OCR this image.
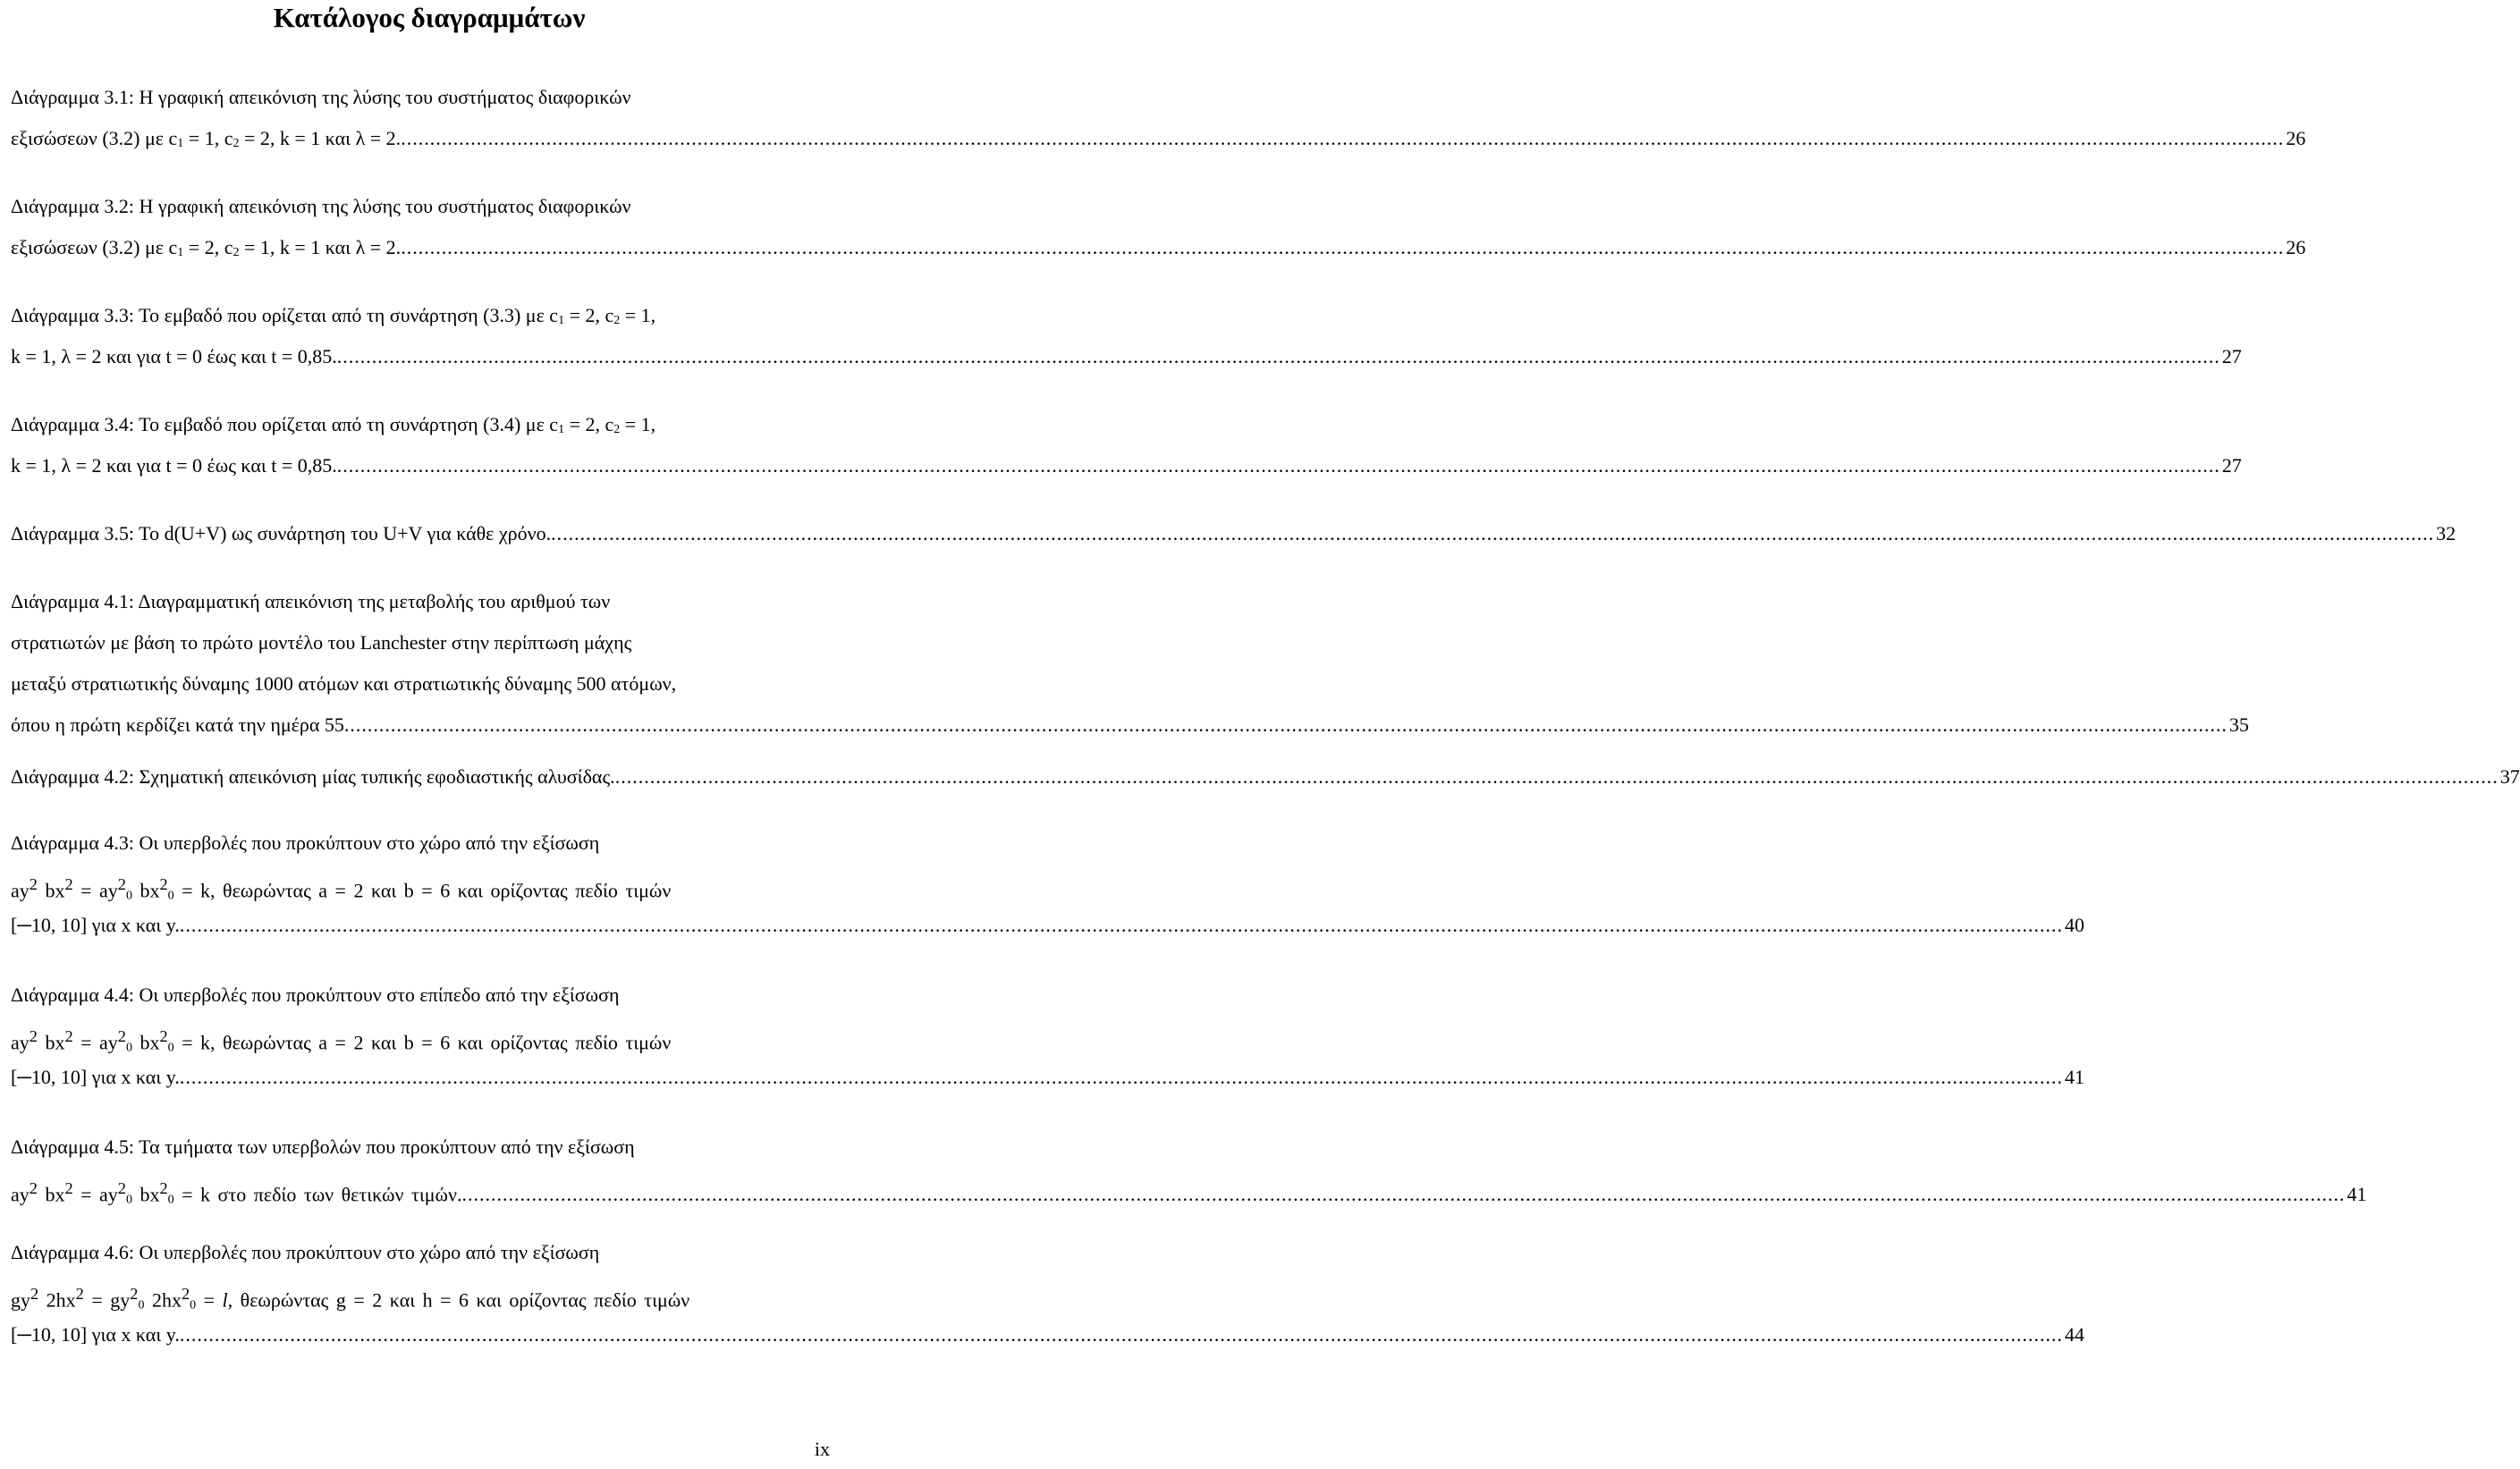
Κατάλογος διαγραμμάτων
Διάγραμμα 3.1: Η γραφική απεικόνιση της λύσης του συστήματος διαφορικών
εξισώσεων (3.2) με $c_1 = 1$, $c_2 = 2$, k = 1 και λ = 2. .....	26
Διάγραμμα 3.2: Η γραφική απεικόνιση της λύσης του συστήματος διαφορικών
εξισώσεων (3.2) με $c_1 = 2$, $c_2 = 1$, k = 1 και λ = 2. .....	26
Διάγραμμα 3.3: Το εμβαδό που ορίζεται από τη συνάρτηση (3.3) με $c_1 = 2$, $c_2 = 1$,
k = 1, λ = 2 και για t = 0 έως και t = 0,85. .....	27
Διάγραμμα 3.4: Το εμβαδό που ορίζεται από τη συνάρτηση (3.4) με $c_1 = 2$, $c_2 = 1$,
k = 1, λ = 2 και για t = 0 έως και t = 0,85. .....	27
Διάγραμμα 3.5: Το d(U+V) ως συνάρτηση του U+V για κάθε χρόνο. .....	32
Διάγραμμα 4.1: Διαγραμματική απεικόνιση της μεταβολής του αριθμού των
στρατιωτών με βάση το πρώτο μοντέλο του Lanchester στην περίπτωση μάχης
μεταξύ στρατιωτικής δύναμης 1000 ατόμων και στρατιωτικής δύναμης 500 ατόμων,
όπου η πρώτη κερδίζει κατά την ημέρα 55 .....	35
Διάγραμμα 4.2: Σχηματική απεικόνιση μίας τυπικής εφοδιαστικής αλυσίδας. .....	37
Διάγραμμα 4.3: Οι υπερβολές που προκύπτουν στο χώρο από την εξίσωση
$ay^2$ $bx^2 = ay^2_0$ $bx^2_0 = k$, θεωρώντας a = 2 και b = 6 και ορίζοντας πεδίο τιμών
[─10, 10] για x και y. .....	40
Διάγραμμα 4.4: Οι υπερβολές που προκύπτουν στο επίπεδο από την εξίσωση
$ay^2$ $bx^2 = ay^2_0$ $bx^2_0 = k$, θεωρώντας a = 2 και b = 6 και ορίζοντας πεδίο τιμών
[─10, 10] για x και y. .....	41
Διάγραμμα 4.5: Τα τμήματα των υπερβολών που προκύπτουν από την εξίσωση
$ay^2$ $bx^2 = ay^2_0$ $bx^2_0 = k$ στο πεδίο των θετικών τιμών. .....	41
Διάγραμμα 4.6: Οι υπερβολές που προκύπτουν στο χώρο από την εξίσωση
$gy^2$ $2hx^2 = gy^2_0$ $2hx^2_0 = l$, θεωρώντας g = 2 και h = 6 και ορίζοντας πεδίο τιμών
[─10, 10] για x και y. .....	44
ix
